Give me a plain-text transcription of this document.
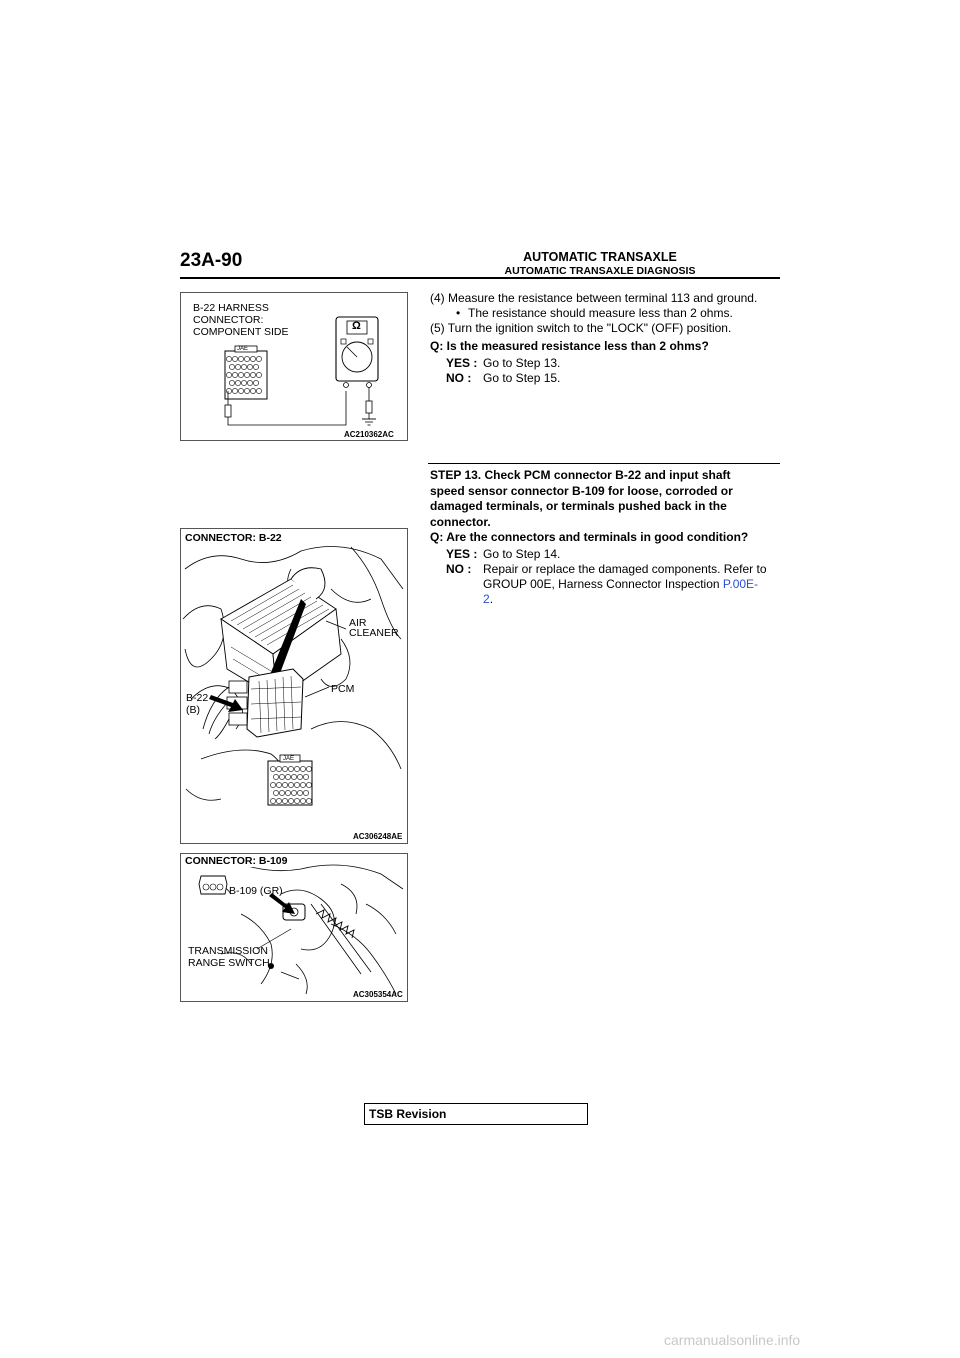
23A-90	AUTOMATIC TRANSAXLE
AUTOMATIC TRANSAXLE DIAGNOSIS
B-22 HARNESS
CONNECTOR:
COMPONENT SIDE
JAE
Ω
AC210362AC
CONNECTOR: B-22
AIR
CLEANER
PCM
B-22
(B)
JAE
AC306248AE
CONNECTOR: B-109
B-109 (GR)
TRANSMISSION
RANGE SWITCH
AC305354AC
(4) Measure the resistance between terminal 113 and ground.
• The resistance should measure less than 2 ohms.
(5) Turn the ignition switch to the "LOCK" (OFF) position.
Q: Is the measured resistance less than 2 ohms?
YES : Go to Step 13.
NO : Go to Step 15.
STEP 13. Check PCM connector B-22 and input shaft
speed sensor connector B-109 for loose, corroded or
damaged terminals, or terminals pushed back in the
connector.
Q: Are the connectors and terminals in good condition?
YES : Go to Step 14.
NO : Repair or replace the damaged components. Refer to
GROUP 00E, Harness Connector Inspection P.00E-
2.
TSB Revision
carmanualsonline.info
